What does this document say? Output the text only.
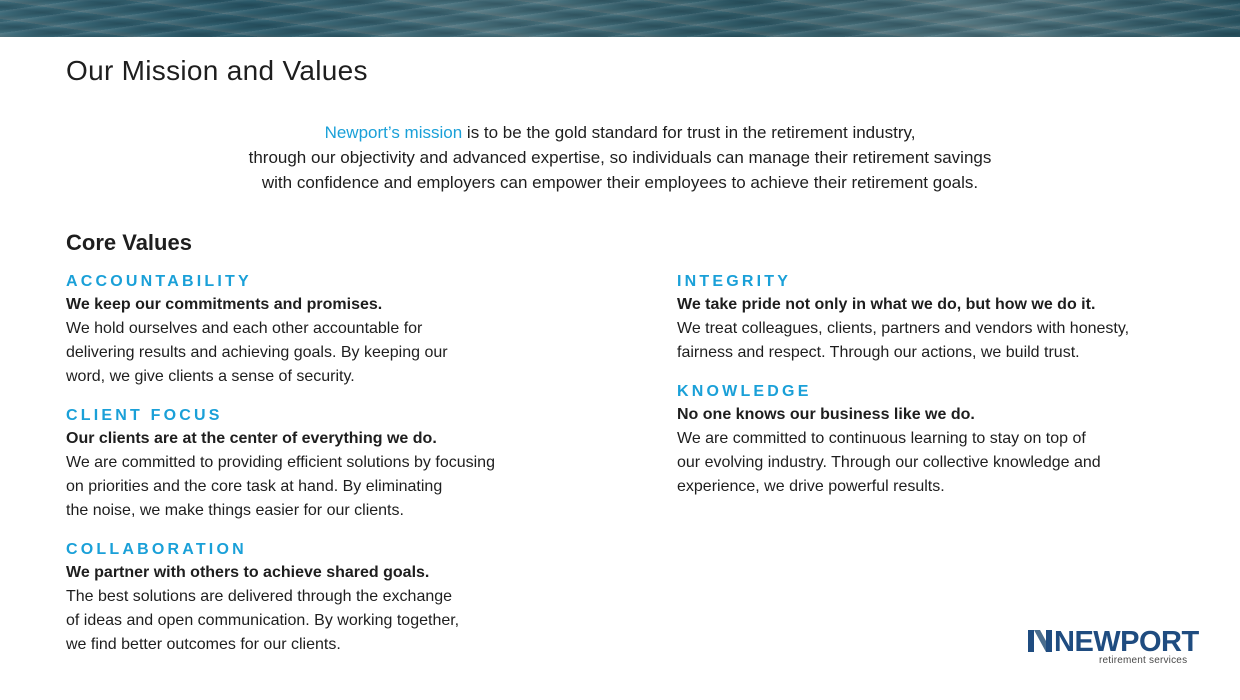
Our Mission and Values
Newport’s mission is to be the gold standard for trust in the retirement industry,
through our objectivity and advanced expertise, so individuals can manage their retirement savings
with confidence and employers can empower their employees to achieve their retirement goals.
Core Values
ACCOUNTABILITY
We keep our commitments and promises.
We hold ourselves and each other accountable for
delivering results and achieving goals. By keeping our
word, we give clients a sense of security.
CLIENT FOCUS
Our clients are at the center of everything we do.
We are committed to providing efficient solutions by focusing
on priorities and the core task at hand. By eliminating
the noise, we make things easier for our clients.
COLLABORATION
We partner with others to achieve shared goals.
The best solutions are delivered through the exchange
of ideas and open communication. By working together,
we find better outcomes for our clients.
INTEGRITY
We take pride not only in what we do, but how we do it.
We treat colleagues, clients, partners and vendors with honesty,
fairness and respect. Through our actions, we build trust.
KNOWLEDGE
No one knows our business like we do.
We are committed to continuous learning to stay on top of
our evolving industry. Through our collective knowledge and
experience, we drive powerful results.
NEWPORT
retirement services
